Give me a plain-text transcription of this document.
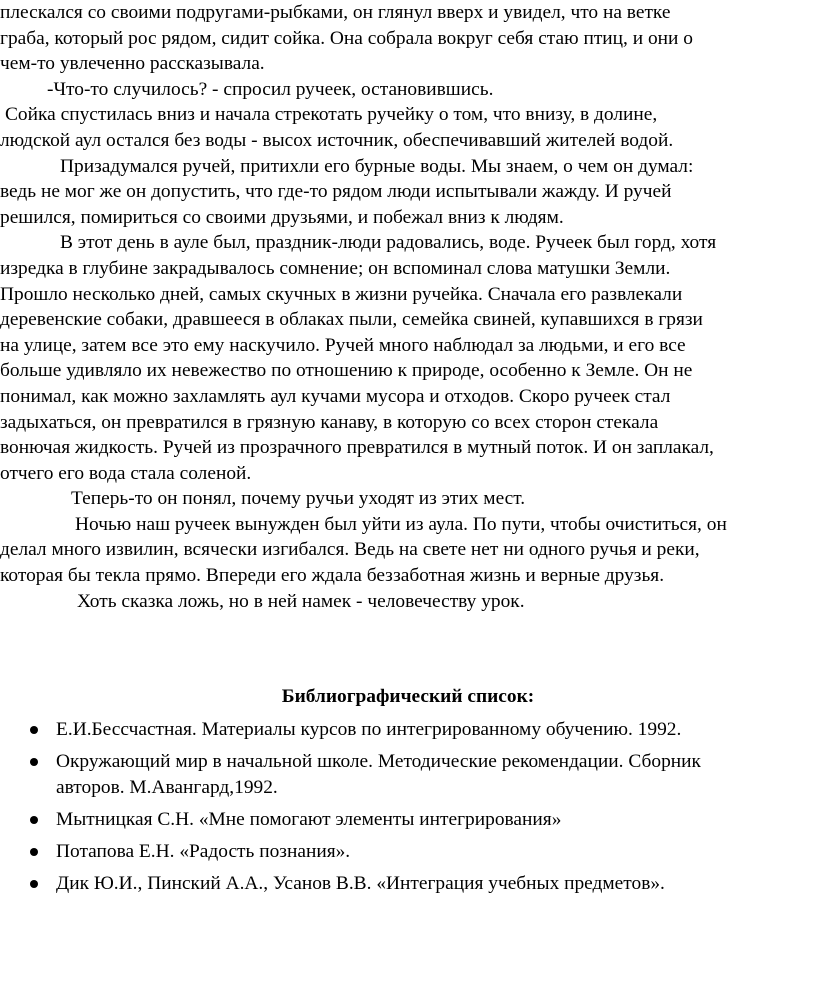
плескался со своими подругами-рыбками, он глянул вверх и увидел, что на ветке

граба, который рос рядом, сидит сойка. Она собрала вокруг себя стаю птиц, и они о

чем-то увлеченно рассказывала.

-Что-то случилось? - спросил ручеек, остановившись.

Сойка спустилась вниз и начала стрекотать ручейку о том, что внизу, в долине,

людской аул остался без воды - высох источник, обеспечивавший жителей водой.

Призадумался ручей, притихли его бурные воды. Мы знаем, о чем он думал:

ведь не мог же он допустить, что где-то рядом люди испытывали жажду. И ручей

решился, помириться со своими друзьями, и побежал вниз к людям.

В этот день в ауле был, праздник-люди радовались, воде. Ручеек был горд, хотя

изредка в глубине закрадывалось сомнение; он вспоминал слова матушки Земли.

Прошло несколько дней, самых скучных в жизни ручейка. Сначала его развлекали

деревенские собаки, дравшееся в облаках пыли, семейка свиней, купавшихся в грязи

на улице, затем все это ему наскучило. Ручей много наблюдал за людьми, и его все

больше удивляло их невежество по отношению к природе, особенно к Земле. Он не

понимал, как можно захламлять аул кучами мусора и отходов. Скоро ручеек стал

задыхаться, он превратился в грязную канаву, в которую со всех сторон стекала

вонючая жидкость. Ручей из прозрачного превратился в мутный поток. И он заплакал,

отчего его вода стала соленой.

Теперь-то он понял, почему ручьи уходят из этих мест.

Ночью наш ручеек вынужден был уйти из аула. По пути, чтобы очиститься, он

делал много извилин, всячески изгибался. Ведь на свете нет ни одного ручья и реки,

которая бы текла прямо. Впереди его ждала беззаботная жизнь и верные друзья.

Хоть сказка ложь, но в ней намек - человечеству урок.

Библиографический список:
Е.И.Бессчастная. Материалы курсов по интегрированному обучению. 1992.
Окружающий мир в начальной школе. Методические рекомендации. Сборник
авторов. М.Авангард,1992.
Мытницкая С.Н. «Мне помогают элементы интегрирования»
Потапова Е.Н. «Радость познания».
Дик Ю.И., Пинский А.А., Усанов В.В. «Интеграция учебных предметов».
